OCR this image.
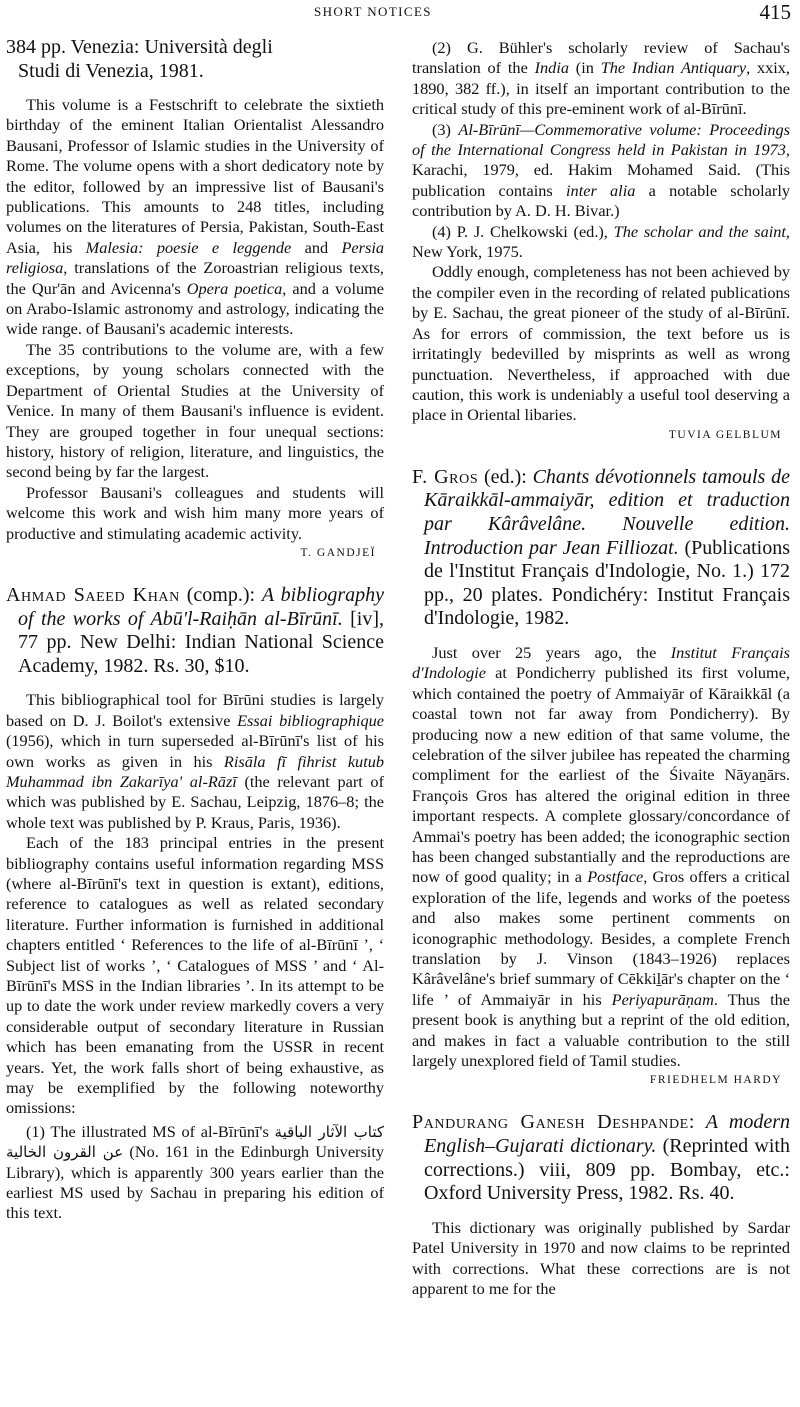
SHORT NOTICES	415
384 pp. Venezia: Università degli
Studi di Venezia, 1981.

This volume is a Festschrift to celebrate the sixtieth birthday of the eminent Italian Orientalist Alessandro Bausani, Professor of Islamic studies in the University of Rome. The volume opens with a short dedicatory note by the editor, followed by an impressive list of Bausani's publications. This amounts to 248 titles, including volumes on the literatures of Persia, Pakistan, South-East Asia, his Malesia: poesie e leggende and Persia religiosa, translations of the Zoroastrian religious texts, the Qur'ān and Avicenna's Opera poetica, and a volume on Arabo-Islamic astronomy and astrology, indicating the wide range. of Bausani's academic interests.

The 35 contributions to the volume are, with a few exceptions, by young scholars connected with the Department of Oriental Studies at the University of Venice. In many of them Bausani's influence is evident. They are grouped together in four unequal sections: history, history of religion, literature, and linguistics, the second being by far the largest.

Professor Bausani's colleagues and students will welcome this work and wish him many more years of productive and stimulating academic activity.

T. GANDJEÏ
Ahmad Saeed Khan (comp.): A bibliography of the works of Abū'l-Raiḥān al-Bīrūnī. [iv], 77 pp. New Delhi: Indian National Science Academy, 1982. Rs. 30, $10.

This bibliographical tool for Bīrūni studies is largely based on D. J. Boilot's extensive Essai bibliographique (1956), which in turn superseded al-Bīrūnī's list of his own works as given in his Risāla fī fihrist kutub Muhammad ibn Zakarīya' al-Rāzī (the relevant part of which was published by E. Sachau, Leipzig, 1876–8; the whole text was published by P. Kraus, Paris, 1936).

Each of the 183 principal entries in the present bibliography contains useful information regarding MSS (where al-Bīrūnī's text in question is extant), editions, reference to catalogues as well as related secondary literature. Further information is furnished in additional chapters entitled ‘ References to the life of al-Bīrūnī ’, ‘ Subject list of works ’, ‘ Catalogues of MSS ’ and ‘ Al-Bīrūnī's MSS in the Indian libraries ’. In its attempt to be up to date the work under review markedly covers a very considerable output of secondary literature in Russian which has been emanating from the USSR in recent years. Yet, the work falls short of being exhaustive, as may be exemplified by the following noteworthy omissions:

(1) The illustrated MS of al-Bīrūnī's كتاب الآثار الباقية عن القرون الخالية (No. 161 in the Edinburgh University Library), which is apparently 300 years earlier than the earliest MS used by Sachau in preparing his edition of this text.

(2) G. Bühler's scholarly review of Sachau's translation of the India (in The Indian Antiquary, xxix, 1890, 382 ff.), in itself an important contribution to the critical study of this pre-eminent work of al-Bīrūnī.

(3) Al-Bīrūnī—Commemorative volume: Proceedings of the International Congress held in Pakistan in 1973, Karachi, 1979, ed. Hakim Mohamed Said. (This publication contains inter alia a notable scholarly contribution by A. D. H. Bivar.)

(4) P. J. Chelkowski (ed.), The scholar and the saint, New York, 1975.

Oddly enough, completeness has not been achieved by the compiler even in the recording of related publications by E. Sachau, the great pioneer of the study of al-Bīrūnī. As for errors of commission, the text before us is irritatingly bedevilled by misprints as well as wrong punctuation. Nevertheless, if approached with due caution, this work is undeniably a useful tool deserving a place in Oriental libaries.

TUVIA GELBLUM
F. Gros (ed.): Chants dévotionnels tamouls de Kāraikkāl-ammaiyār, edition et traduction par Kârâvelâne. Nouvelle edition. Introduction par Jean Filliozat. (Publications de l'Institut Français d'Indologie, No. 1.) 172 pp., 20 plates. Pondichéry: Institut Français d'Indologie, 1982.

Just over 25 years ago, the Institut Français d'Indologie at Pondicherry published its first volume, which contained the poetry of Ammaiyār of Kāraikkāl (a coastal town not far away from Pondicherry). By producing now a new edition of that same volume, the celebration of the silver jubilee has repeated the charming compliment for the earliest of the Śivaite Nāyaṉārs. François Gros has altered the original edition in three important respects. A complete glossary/concordance of Ammai's poetry has been added; the iconographic section has been changed substantially and the reproductions are now of good quality; in a Postface, Gros offers a critical exploration of the life, legends and works of the poetess and also makes some pertinent comments on iconographic methodology. Besides, a complete French translation by J. Vinson (1843–1926) replaces Kârâvelâne's brief summary of Cēkkiḻār's chapter on the ‘ life ’ of Ammaiyār in his Periyapurāṇam. Thus the present book is anything but a reprint of the old edition, and makes in fact a valuable contribution to the still largely unexplored field of Tamil studies.

FRIEDHELM HARDY
Pandurang Ganesh Deshpande: A modern English–Gujarati dictionary. (Reprinted with corrections.) viii, 809 pp. Bombay, etc.: Oxford University Press, 1982. Rs. 40.

This dictionary was originally published by Sardar Patel University in 1970 and now claims to be reprinted with corrections. What these corrections are is not apparent to me for the
